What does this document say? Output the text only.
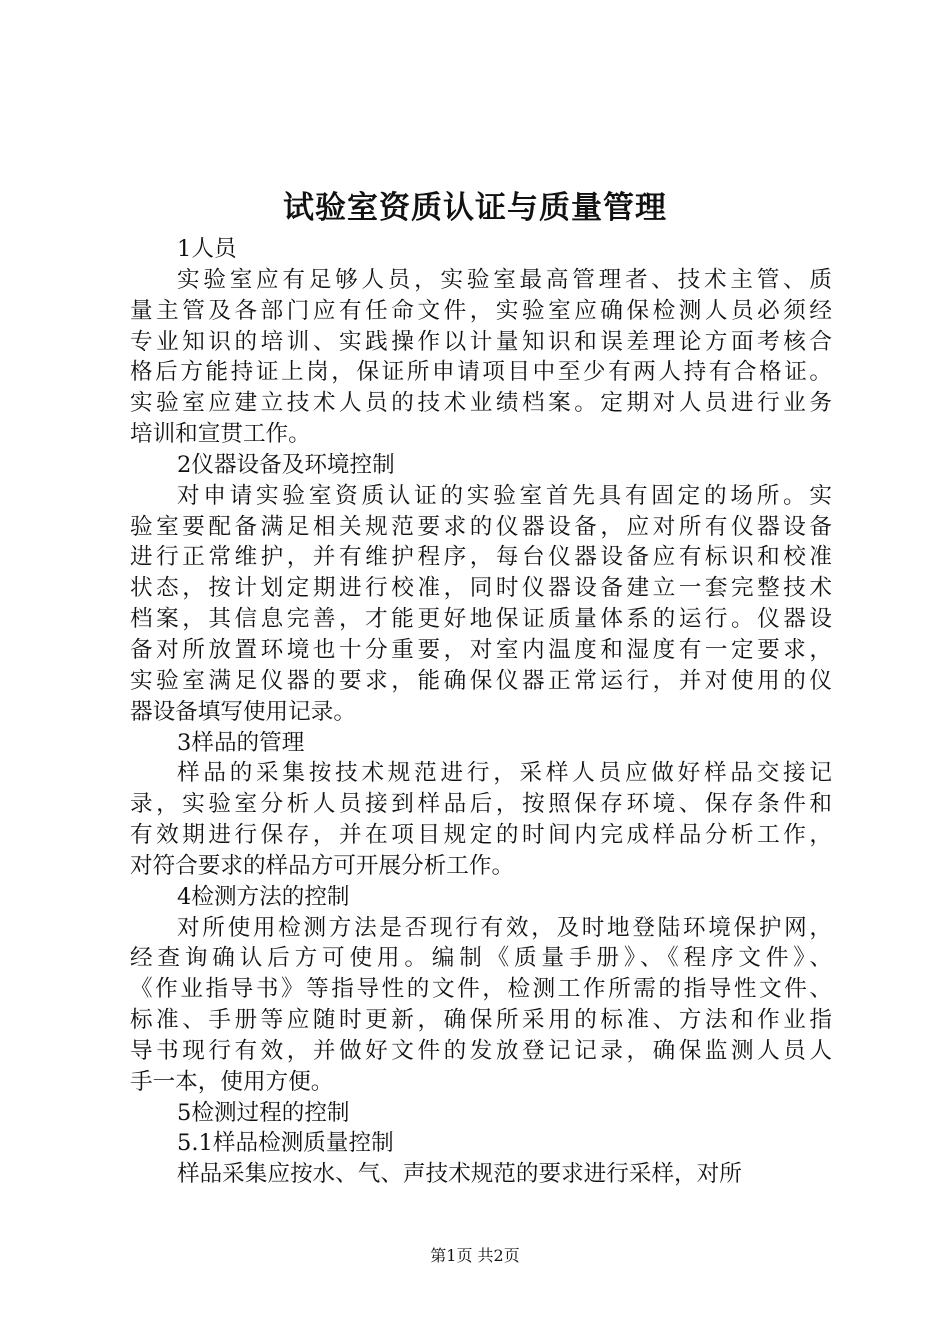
试验室资质认证与质量管理
1人员
实验室应有足够人员，实验室最高管理者、技术主管、质
量主管及各部门应有任命文件，实验室应确保检测人员必须经
专业知识的培训、实践操作以计量知识和误差理论方面考核合
格后方能持证上岗，保证所申请项目中至少有两人持有合格证。
实验室应建立技术人员的技术业绩档案。定期对人员进行业务
培训和宣贯工作。
2仪器设备及环境控制
对申请实验室资质认证的实验室首先具有固定的场所。实
验室要配备满足相关规范要求的仪器设备，应对所有仪器设备
进行正常维护，并有维护程序，每台仪器设备应有标识和校准
状态，按计划定期进行校准，同时仪器设备建立一套完整技术
档案，其信息完善，才能更好地保证质量体系的运行。仪器设
备对所放置环境也十分重要，对室内温度和湿度有一定要求，
实验室满足仪器的要求，能确保仪器正常运行，并对使用的仪
器设备填写使用记录。
3样品的管理
样品的采集按技术规范进行，采样人员应做好样品交接记
录，实验室分析人员接到样品后，按照保存环境、保存条件和
有效期进行保存，并在项目规定的时间内完成样品分析工作，
对符合要求的样品方可开展分析工作。
4检测方法的控制
对所使用检测方法是否现行有效，及时地登陆环境保护网，
经查询确认后方可使用。编制《质量手册》、《程序文件》、
《作业指导书》等指导性的文件，检测工作所需的指导性文件、
标准、手册等应随时更新，确保所采用的标准、方法和作业指
导书现行有效，并做好文件的发放登记记录，确保监测人员人
手一本，使用方便。
5检测过程的控制
5.1样品检测质量控制
样品采集应按水、气、声技术规范的要求进行采样，对所
第1页 共2页
